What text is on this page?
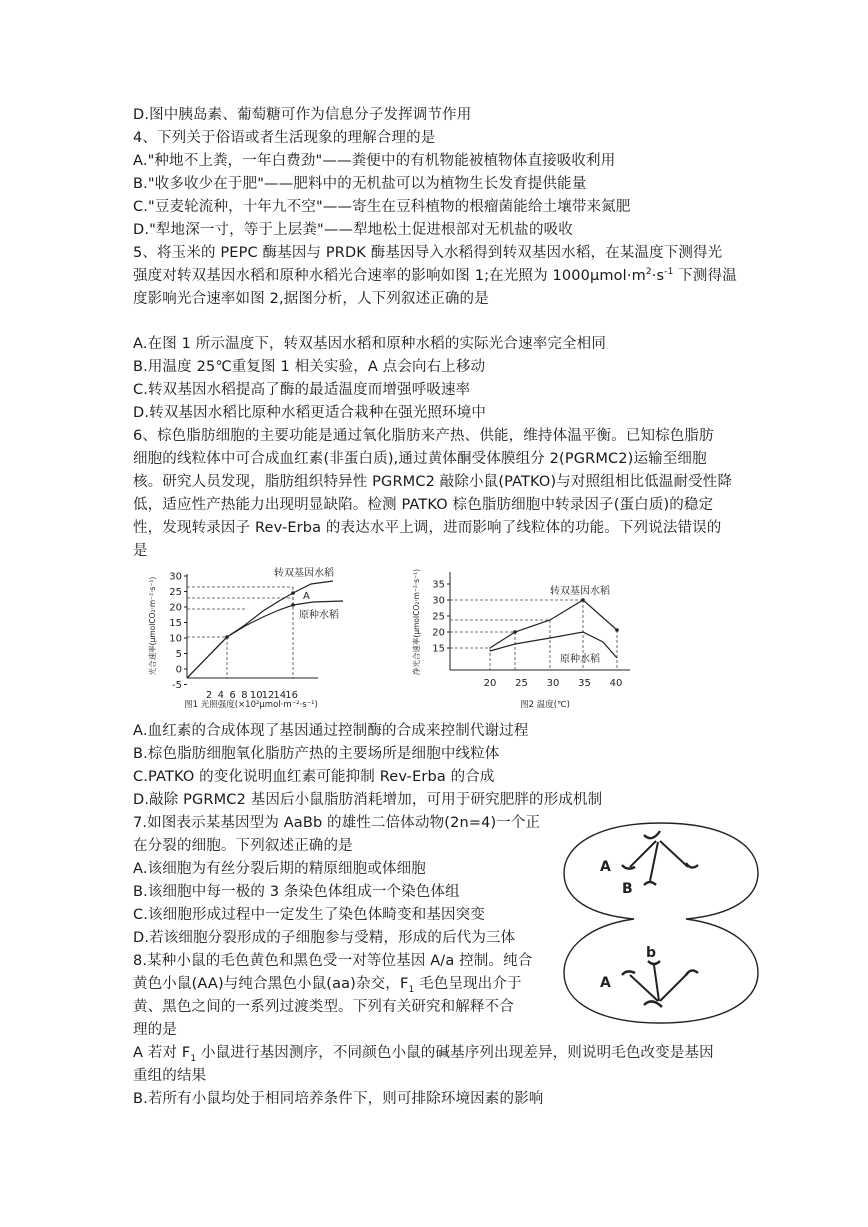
D.图中胰岛素、葡萄糖可作为信息分子发挥调节作用
4、下列关于俗语或者生活现象的理解合理的是
A."种地不上粪，一年白费劲"——粪便中的有机物能被植物体直接吸收利用
B."收多收少在于肥"——肥料中的无机盐可以为植物生长发育提供能量
C."豆麦轮流种，十年九不空"——寄生在豆科植物的根瘤菌能给土壤带来氮肥
D."犁地深一寸，等于上层粪"——犁地松土促进根部对无机盐的吸收
5、将玉米的 PEPC 酶基因与 PRDK 酶基因导入水稻得到转双基因水稻，在某温度下测得光
强度对转双基因水稻和原种水稻光合速率的影响如图 1;在光照为 $1000\mu mol\cdot m^2\cdot s^{-1}$ 下测得温
度影响光合速率如图 2,据图分析，人下列叙述正确的是
A.在图 1 所示温度下，转双基因水稻和原种水稻的实际光合速率完全相同
B.用温度 25℃重复图 1 相关实验，A 点会向右上移动
C.转双基因水稻提高了酶的最适温度而增强呼吸速率
D.转双基因水稻比原种水稻更适合栽种在强光照环境中
6、棕色脂肪细胞的主要功能是通过氧化脂肪来产热、供能，维持体温平衡。已知棕色脂肪
细胞的线粒体中可合成血红素(非蛋白质),通过黄体酮受体膜组分 2(PGRMC2)运输至细胞
核。研究人员发现，脂肪组织特异性 PGRMC2 敲除小鼠(PATKO)与对照组相比低温耐受性降
低，适应性产热能力出现明显缺陷。检测 PATKO 棕色脂肪细胞中转录因子(蛋白质)的稳定
性，发现转录因子 Rev-Erba 的表达水平上调，进而影响了线粒体的功能。下列说法错误的
是
30
25
20
15
10
5
0
-5
2 4 6 8 10 12 14 16
转双基因水稻
A
原种水稻
光合速率(μmolCO₂·m⁻²·s⁻¹)
图1 光照强度(×10²μmol·m⁻²·s⁻¹)
35
30
25
20
15
20 25 30 35 40
转双基因水稻
原种水稻
净光合速率(μmolCO₂·m⁻²·s⁻¹)
图2 温度(℃)
A.血红素的合成体现了基因通过控制酶的合成来控制代谢过程
B.棕色脂肪细胞氧化脂肪产热的主要场所是细胞中线粒体
C.PATKO 的变化说明血红素可能抑制 Rev-Erba 的合成
D.敲除 PGRMC2 基因后小鼠脂肪消耗增加，可用于研究肥胖的形成机制
7.如图表示某基因型为 AaBb 的雄性二倍体动物(2n=4)一个正
在分裂的细胞。下列叙述正确的是
A.该细胞为有丝分裂后期的精原细胞或体细胞
B.该细胞中每一极的 3 条染色体组成一个染色体组
C.该细胞形成过程中一定发生了染色体畸变和基因突变
D.若该细胞分裂形成的子细胞参与受精，形成的后代为三体
8.某种小鼠的毛色黄色和黑色受一对等位基因 A/a 控制。纯合
黄色小鼠(AA)与纯合黑色小鼠(aa)杂交，$F_1$ 毛色呈现出介于
黄、黑色之间的一系列过渡类型。下列有关研究和解释不合
理的是
A 若对 $F_1$ 小鼠进行基因测序，不同颜色小鼠的碱基序列出现差异，则说明毛色改变是基因
重组的结果
B.若所有小鼠均处于相同培养条件下，则可排除环境因素的影响
A
B
b
A
